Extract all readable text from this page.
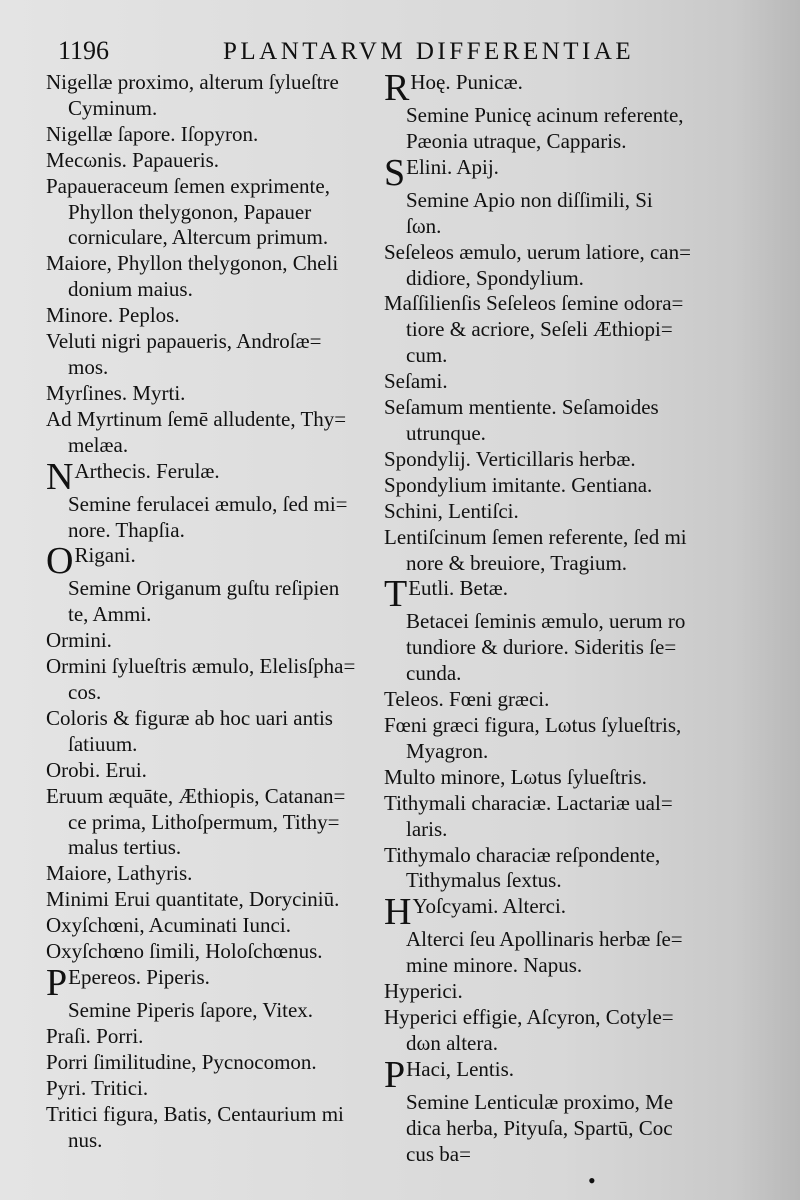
1196	PLANTARVM DIFFERENTIAE
Nigellæ proximo, alterum ſylueſtre
Cyminum.
Nigellæ ſapore. Iſopyron.
Mecωnis. Papaueris.
Papaueraceum ſemen exprimente,
Phyllon thelygonon, Papauer
corniculare, Altercum primum.
Maiore, Phyllon thelygonon, Cheli
donium maius.
Minore. Peplos.
Veluti nigri papaueris, Androſæ=
mos.
Myrſines. Myrti.
Ad Myrtinum ſemē alludente, Thy=
melæa.
N Arthecis. Ferulæ.
Semine ferulacei æmulo, ſed mi=
nore. Thapſia.
O Rigani.
Semine Origanum guſtu reſipien
te, Ammi.
Ormini.
Ormini ſylueſtris æmulo, Elelisſpha=
cos.
Coloris & figuræ ab hoc uari antis
ſatiuum.
Orobi. Erui.
Eruum æquāte, Æthiopis, Catanan=
ce prima, Lithoſpermum, Tithy=
malus tertius.
Maiore, Lathyris.
Minimi Erui quantitate, Doryciniū.
Oxyſchœni, Acuminati Iunci.
Oxyſchœno ſimili, Holoſchœnus.
P Epereos. Piperis.
Semine Piperis ſapore, Vitex.
Praſi. Porri.
Porri ſimilitudine, Pycnocomon.
Pyri. Tritici.
Tritici figura, Batis, Centaurium mi
nus.
R Hoę. Punicæ.
Semine Punicę acinum referente,
Pæonia utraque, Capparis.
S Elini. Apij.
Semine Apio non diſſimili, Si
ſωn.
Seſeleos æmulo, uerum latiore, can=
didiore, Spondylium.
Maſſilienſis Seſeleos ſemine odora=
tiore & acriore, Seſeli Æthiopi=
cum.
Seſami.
Seſamum mentiente. Seſamoides
utrunque.
Spondylij. Verticillaris herbæ.
Spondylium imitante. Gentiana.
Schini, Lentiſci.
Lentiſcinum ſemen referente, ſed mi
nore & breuiore, Tragium.
T Eutli. Betæ.
Betacei ſeminis æmulo, uerum ro
tundiore & duriore. Sideritis ſe=
cunda.
Teleos. Fœni græci.
Fœni græci figura, Lωtus ſylueſtris,
Myagron.
Multo minore, Lωtus ſylueſtris.
Tithymali characiæ. Lactariæ ual=
laris.
Tithymalo characiæ reſpondente,
Tithymalus ſextus.
H Yoſcyami. Alterci.
Alterci ſeu Apollinaris herbæ ſe=
mine minore. Napus.
Hyperici.
Hyperici effigie, Aſcyron, Cotyle=
dωn altera.
P Haci, Lentis.
Semine Lenticulæ proximo, Me
dica herba, Pityuſa, Spartū, Coc
cus ba=
•
